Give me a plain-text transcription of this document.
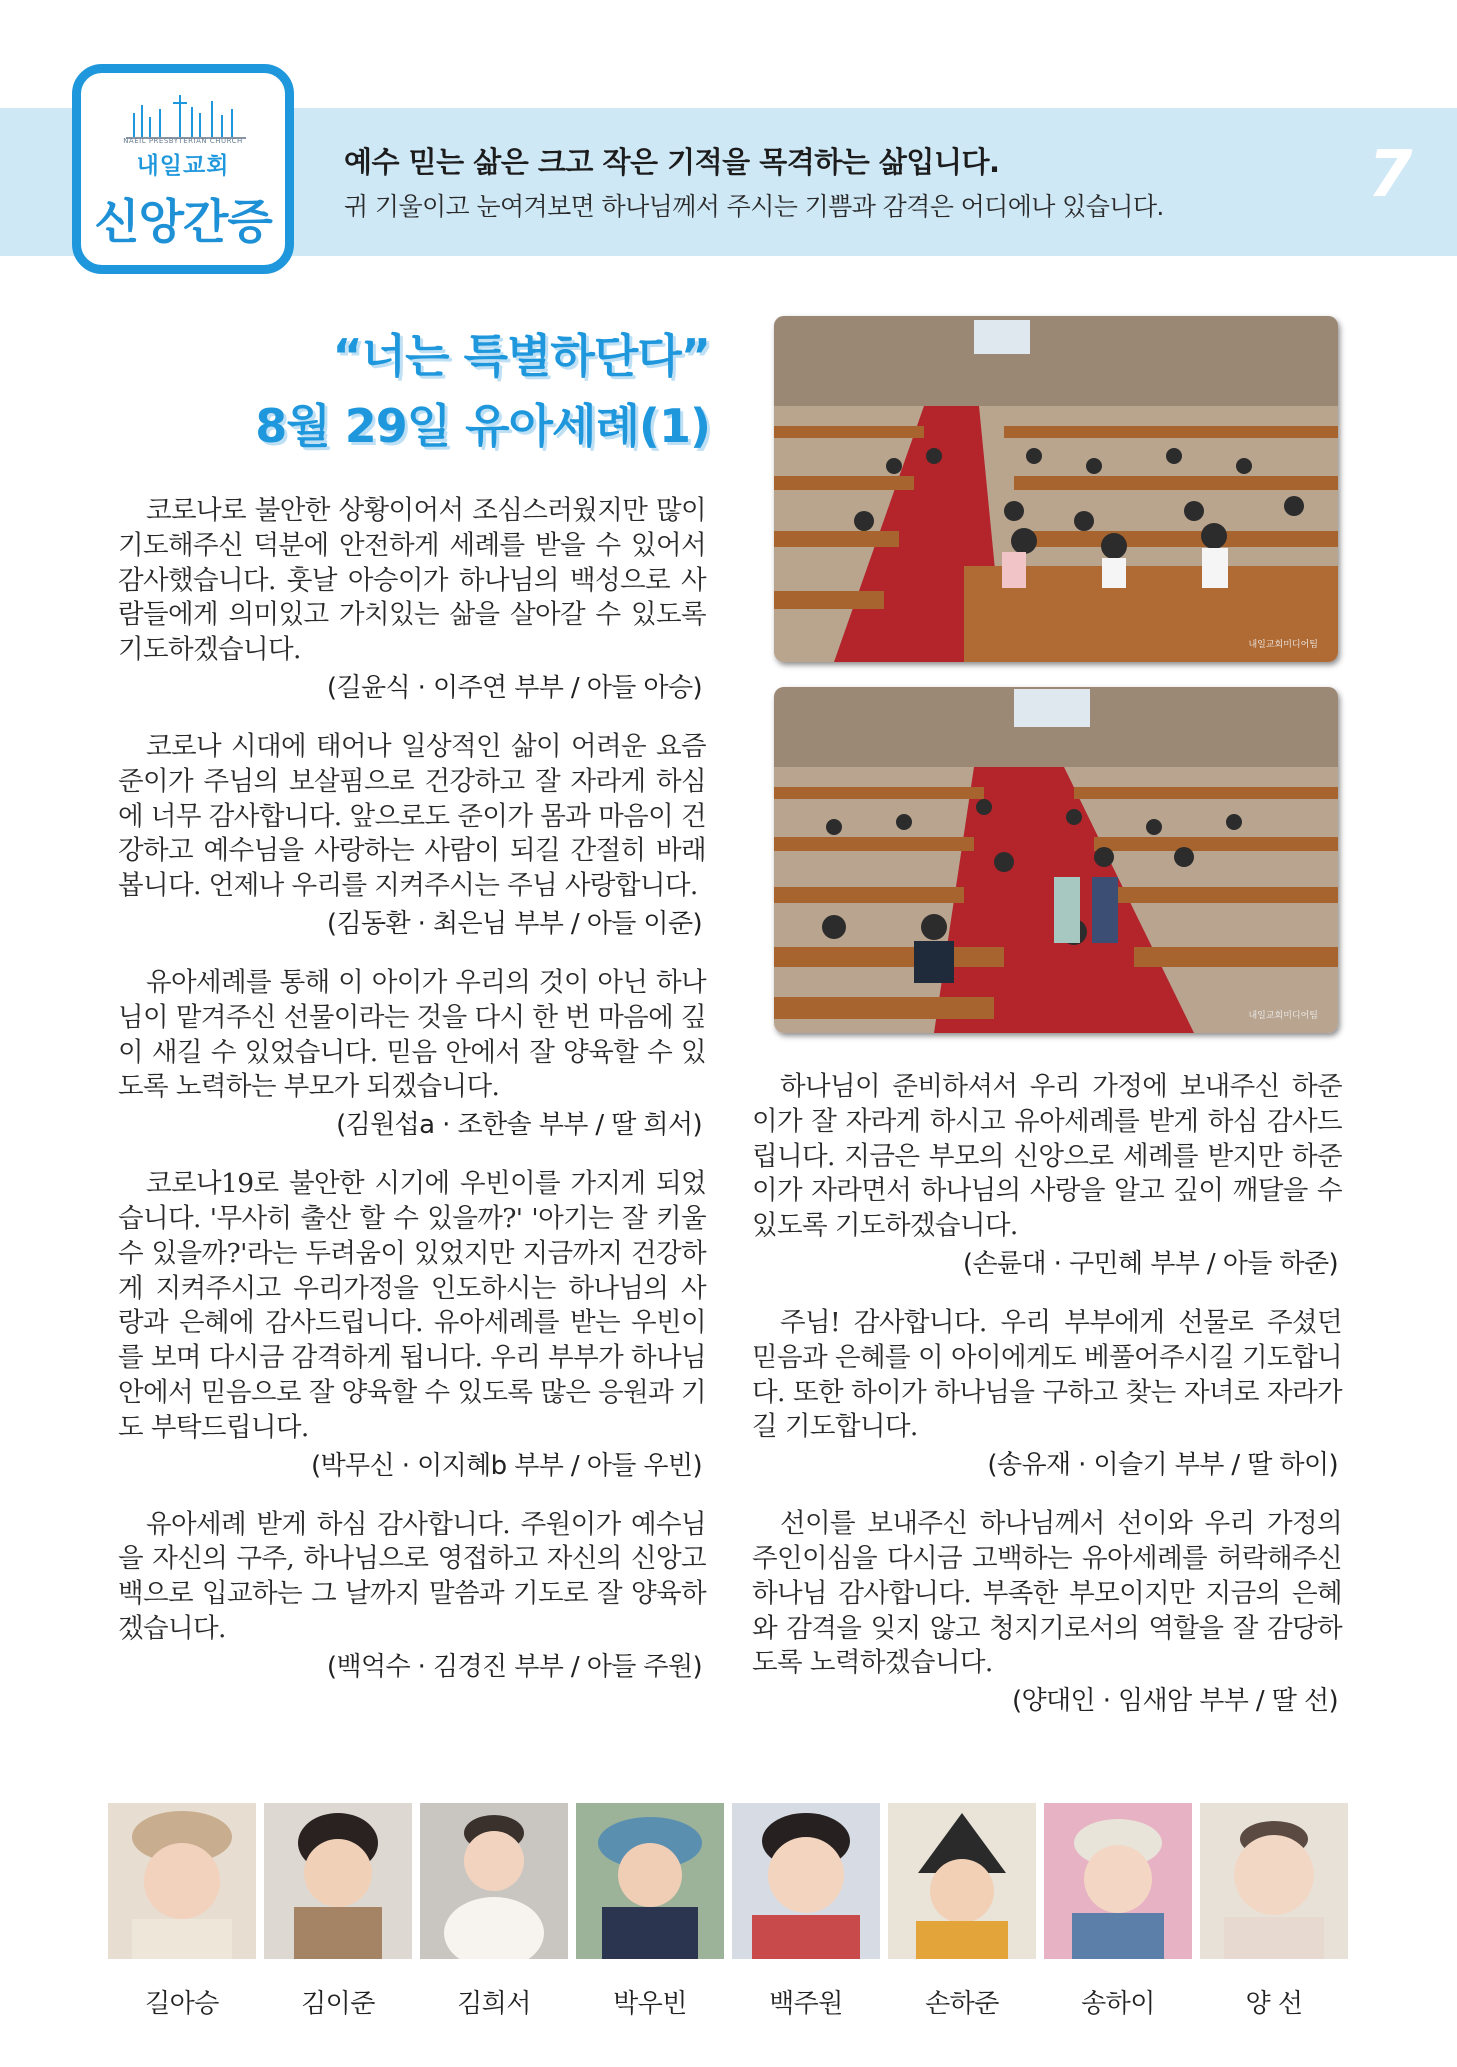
NAEIL PRESBYTERIAN CHURCH
내일교회
신앙간증
예수 믿는 삶은 크고 작은 기적을 목격하는 삶입니다.
귀 기울이고 눈여겨보면 하나님께서 주시는 기쁨과 감격은 어디에나 있습니다.	7
“너는 특별하단다”
8월 29일 유아세례(1)

코로나로 불안한 상황이어서 조심스러웠지만 많이 기도해주신 덕분에 안전하게 세례를 받을 수 있어서 감사했습니다. 훗날 아승이가 하나님의 백성으로 사람들에게 의미있고 가치있는 삶을 살아갈 수 있도록 기도하겠습니다.

(길윤식 · 이주연 부부 / 아들 아승)

코로나 시대에 태어나 일상적인 삶이 어려운 요즘 준이가 주님의 보살핌으로 건강하고 잘 자라게 하심에 너무 감사합니다. 앞으로도 준이가 몸과 마음이 건강하고 예수님을 사랑하는 사람이 되길 간절히 바래봅니다. 언제나 우리를 지켜주시는 주님 사랑합니다.

(김동환 · 최은님 부부 / 아들 이준)

유아세례를 통해 이 아이가 우리의 것이 아닌 하나님이 맡겨주신 선물이라는 것을 다시 한 번 마음에 깊이 새길 수 있었습니다. 믿음 안에서 잘 양육할 수 있도록 노력하는 부모가 되겠습니다.

(김원섭a · 조한솔 부부 / 딸 희서)

코로나19로 불안한 시기에 우빈이를 가지게 되었습니다. '무사히 출산 할 수 있을까?' '아기는 잘 키울 수 있을까?'라는 두려움이 있었지만 지금까지 건강하게 지켜주시고 우리가정을 인도하시는 하나님의 사랑과 은혜에 감사드립니다. 유아세례를 받는 우빈이를 보며 다시금 감격하게 됩니다. 우리 부부가 하나님 안에서 믿음으로 잘 양육할 수 있도록 많은 응원과 기도 부탁드립니다.

(박무신 · 이지혜b 부부 / 아들 우빈)

유아세례 받게 하심 감사합니다. 주원이가 예수님을 자신의 구주, 하나님으로 영접하고 자신의 신앙고백으로 입교하는 그 날까지 말씀과 기도로 잘 양육하겠습니다.

(백억수 · 김경진 부부 / 아들 주원)
내일교회미디어팀
내일교회미디어팀

하나님이 준비하셔서 우리 가정에 보내주신 하준이가 잘 자라게 하시고 유아세례를 받게 하심 감사드립니다. 지금은 부모의 신앙으로 세례를 받지만 하준이가 자라면서 하나님의 사랑을 알고 깊이 깨달을 수 있도록 기도하겠습니다.

(손륜대 · 구민혜 부부 / 아들 하준)

주님! 감사합니다. 우리 부부에게 선물로 주셨던 믿음과 은혜를 이 아이에게도 베풀어주시길 기도합니다. 또한 하이가 하나님을 구하고 찾는 자녀로 자라가길 기도합니다.

(송유재 · 이슬기 부부 / 딸 하이)

선이를 보내주신 하나님께서 선이와 우리 가정의 주인이심을 다시금 고백하는 유아세례를 허락해주신 하나님 감사합니다. 부족한 부모이지만 지금의 은혜와 감격을 잊지 않고 청지기로서의 역할을 잘 감당하도록 노력하겠습니다.

(양대인 · 임새암 부부 / 딸 선)
길아승	김이준	김희서	박우빈	백주원	손하준	송하이	양 선
